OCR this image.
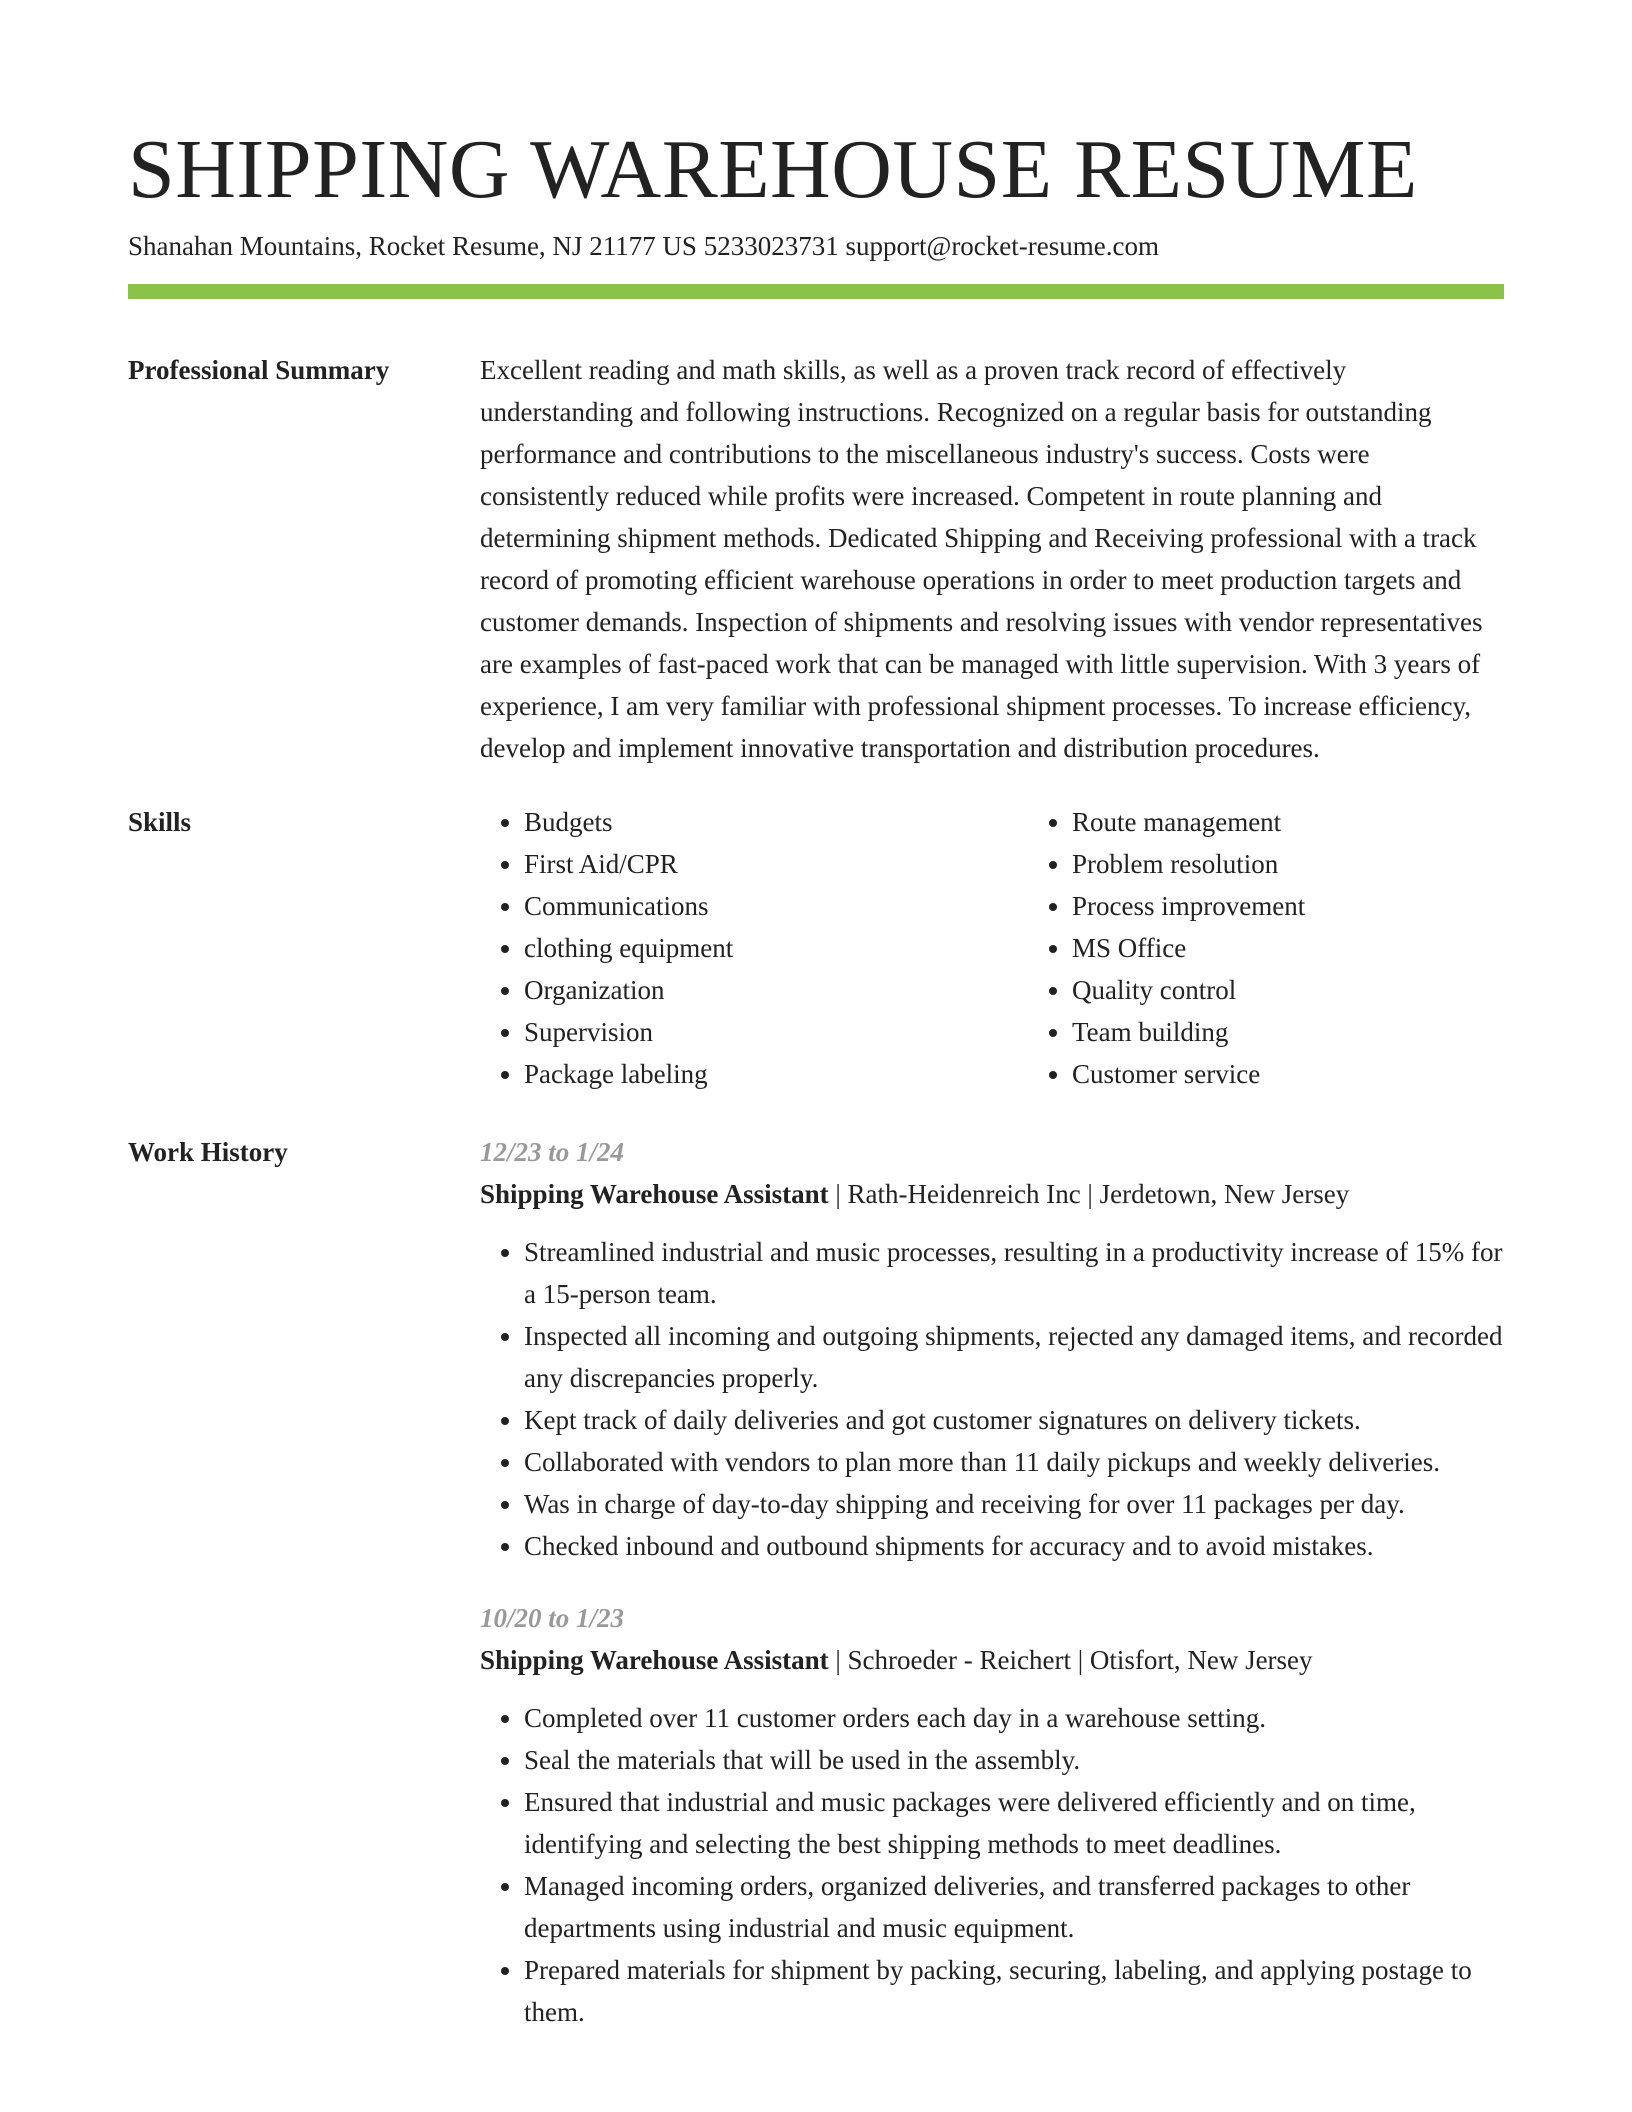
SHIPPING WAREHOUSE RESUME
Shanahan Mountains, Rocket Resume, NJ 21177 US 5233023731 support@rocket-resume.com
Professional Summary	Excellent reading and math skills, as well as a proven track record of effectively understanding and following instructions. Recognized on a regular basis for outstanding performance and contributions to the miscellaneous industry's success. Costs were consistently reduced while profits were increased. Competent in route planning and determining shipment methods. Dedicated Shipping and Receiving professional with a track record of promoting efficient warehouse operations in order to meet production targets and customer demands. Inspection of shipments and resolving issues with vendor representatives are examples of fast-paced work that can be managed with little supervision. With 3 years of experience, I am very familiar with professional shipment processes. To increase efficiency, develop and implement innovative transportation and distribution procedures.
Skills
•	Budgets
• First Aid/CPR
• Communications
• clothing equipment
• Organization
• Supervision
• Package labeling
• Route management
• Problem resolution
• Process improvement
• MS Office
• Quality control
• Team building
• Customer service
Work History	12/23 to 1/24
Shipping Warehouse Assistant | Rath-Heidenreich Inc | Jerdetown, New Jersey
• Streamlined industrial and music processes, resulting in a productivity increase of 15% for a 15-person team.
• Inspected all incoming and outgoing shipments, rejected any damaged items, and recorded any discrepancies properly.
• Kept track of daily deliveries and got customer signatures on delivery tickets.
• Collaborated with vendors to plan more than 11 daily pickups and weekly deliveries.
• Was in charge of day-to-day shipping and receiving for over 11 packages per day.
• Checked inbound and outbound shipments for accuracy and to avoid mistakes.
10/20 to 1/23
Shipping Warehouse Assistant | Schroeder - Reichert | Otisfort, New Jersey
• Completed over 11 customer orders each day in a warehouse setting.
• Seal the materials that will be used in the assembly.
• Ensured that industrial and music packages were delivered efficiently and on time, identifying and selecting the best shipping methods to meet deadlines.
• Managed incoming orders, organized deliveries, and transferred packages to other departments using industrial and music equipment.
• Prepared materials for shipment by packing, securing, labeling, and applying postage to them.
